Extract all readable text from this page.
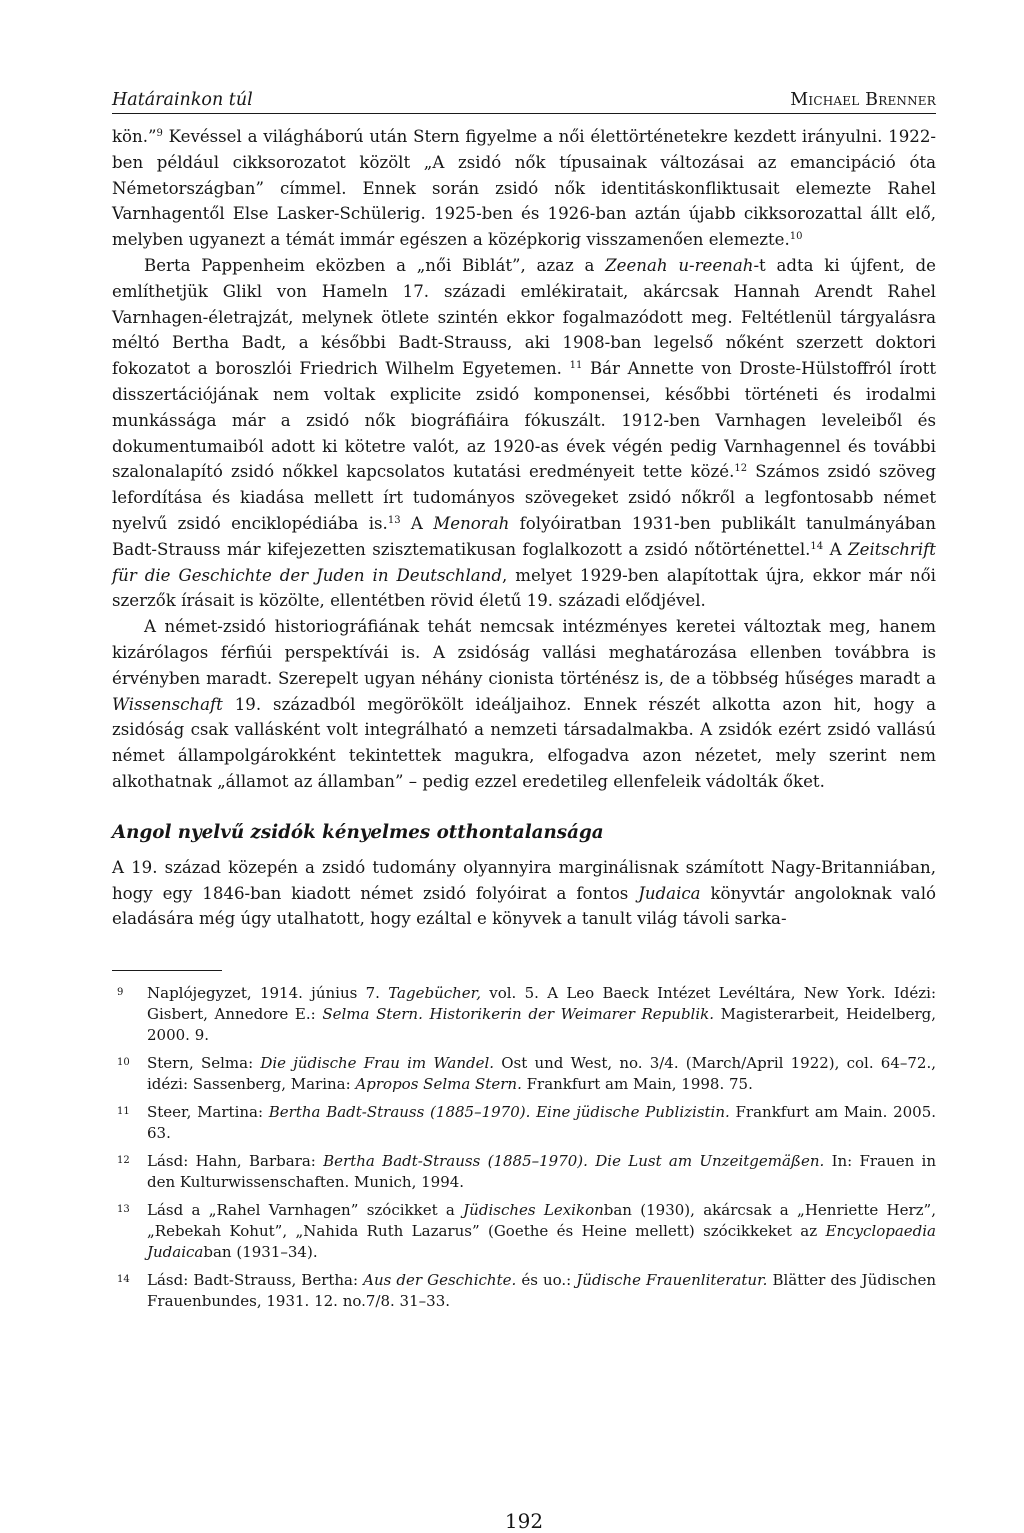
Határainkon túl	Michael Brenner

kön.”$^9$ Kevéssel a világháború után Stern figyelme a női élettörténetekre kezdett irányulni. 1922-ben például cikksorozatot közölt „A zsidó nők típusainak változásai az emancipáció óta Németországban” címmel. Ennek során zsidó nők identitáskonfliktusait elemezte Rahel Varnhagentől Else Lasker-Schülerig. 1925-ben és 1926-ban aztán újabb cikksorozattal állt elő, melyben ugyanezt a témát immár egészen a középkorig visszamenően elemezte.$^{10}$

Berta Pappenheim eközben a „női Biblát”, azaz a Zeenah u-reenah-t adta ki újfent, de említhetjük Glikl von Hameln 17. századi emlékiratait, akárcsak Hannah Arendt Rahel Varnhagen-életrajzát, melynek ötlete szintén ekkor fogalmazódott meg. Feltétlenül tárgyalásra méltó Bertha Badt, a későbbi Badt-Strauss, aki 1908-ban legelső nőként szerzett doktori fokozatot a boroszlói Friedrich Wilhelm Egyetemen. $^{11}$ Bár Annette von Droste-Hülstoffról írott disszertációjának nem voltak explicite zsidó komponensei, későbbi történeti és irodalmi munkássága már a zsidó nők biográfiáira fókuszált. 1912-ben Varnhagen leveleiből és dokumentumaiból adott ki kötetre valót, az 1920-as évek végén pedig Varnhagennel és további szalonalapító zsidó nőkkel kapcsolatos kutatási eredményeit tette közé.$^{12}$ Számos zsidó szöveg lefordítása és kiadása mellett írt tudományos szövegeket zsidó nőkről a legfontosabb német nyelvű zsidó enciklopédiába is.$^{13}$ A Menorah folyóiratban 1931-ben publikált tanulmányában Badt-Strauss már kifejezetten szisztematikusan foglalkozott a zsidó nőtörténettel.$^{14}$ A Zeitschrift für die Geschichte der Juden in Deutschland, melyet 1929-ben alapítottak újra, ekkor már női szerzők írásait is közölte, ellentétben rövid életű 19. századi elődjével.

A német-zsidó historiográfiának tehát nemcsak intézményes keretei változtak meg, hanem kizárólagos férfiúi perspektívái is. A zsidóság vallási meghatározása ellenben továbbra is érvényben maradt. Szerepelt ugyan néhány cionista történész is, de a többség hűséges maradt a Wissenschaft 19. századból megörökölt ideáljaihoz. Ennek részét alkotta azon hit, hogy a zsidóság csak vallásként volt integrálható a nemzeti társadalmakba. A zsidók ezért zsidó vallású német állampolgárokként tekintettek magukra, elfogadva azon nézetet, mely szerint nem alkothatnak „államot az államban” – pedig ezzel eredetileg ellenfeleik vádolták őket.

Angol nyelvű zsidók kényelmes otthontalansága

A 19. század közepén a zsidó tudomány olyannyira marginálisnak számított Nagy-Britanniában, hogy egy 1846-ban kiadott német zsidó folyóirat a fontos Judaica könyvtár angoloknak való eladására még úgy utalhatott, hogy ezáltal e könyvek a tanult világ távoli sarka-

9 Naplójegyzet, 1914. június 7. Tagebücher, vol. 5. A Leo Baeck Intézet Levéltára, New York. Idézi: Gisbert, Annedore E.: Selma Stern. Historikerin der Weimarer Republik. Magisterarbeit, Heidelberg, 2000. 9.
10 Stern, Selma: Die jüdische Frau im Wandel. Ost und West, no. 3/4. (March/April 1922), col. 64–72., idézi: Sassenberg, Marina: Apropos Selma Stern. Frankfurt am Main, 1998. 75.
11 Steer, Martina: Bertha Badt-Strauss (1885–1970). Eine jüdische Publizistin. Frankfurt am Main. 2005. 63.
12 Lásd: Hahn, Barbara: Bertha Badt-Strauss (1885–1970). Die Lust am Unzeitgemäßen. In: Frauen in den Kulturwissenschaften. Munich, 1994.
13 Lásd a „Rahel Varnhagen” szócikket a Jüdisches Lexikonban (1930), akárcsak a „Henriette Herz”, „Rebekah Kohut”, „Nahida Ruth Lazarus” (Goethe és Heine mellett) szócikkeket az Encyclopaedia Judaicaban (1931–34).
14 Lásd: Badt-Strauss, Bertha: Aus der Geschichte. és uo.: Jüdische Frauenliteratur. Blätter des Jüdischen Frauenbundes, 1931. 12. no.7/8. 31–33.
192
